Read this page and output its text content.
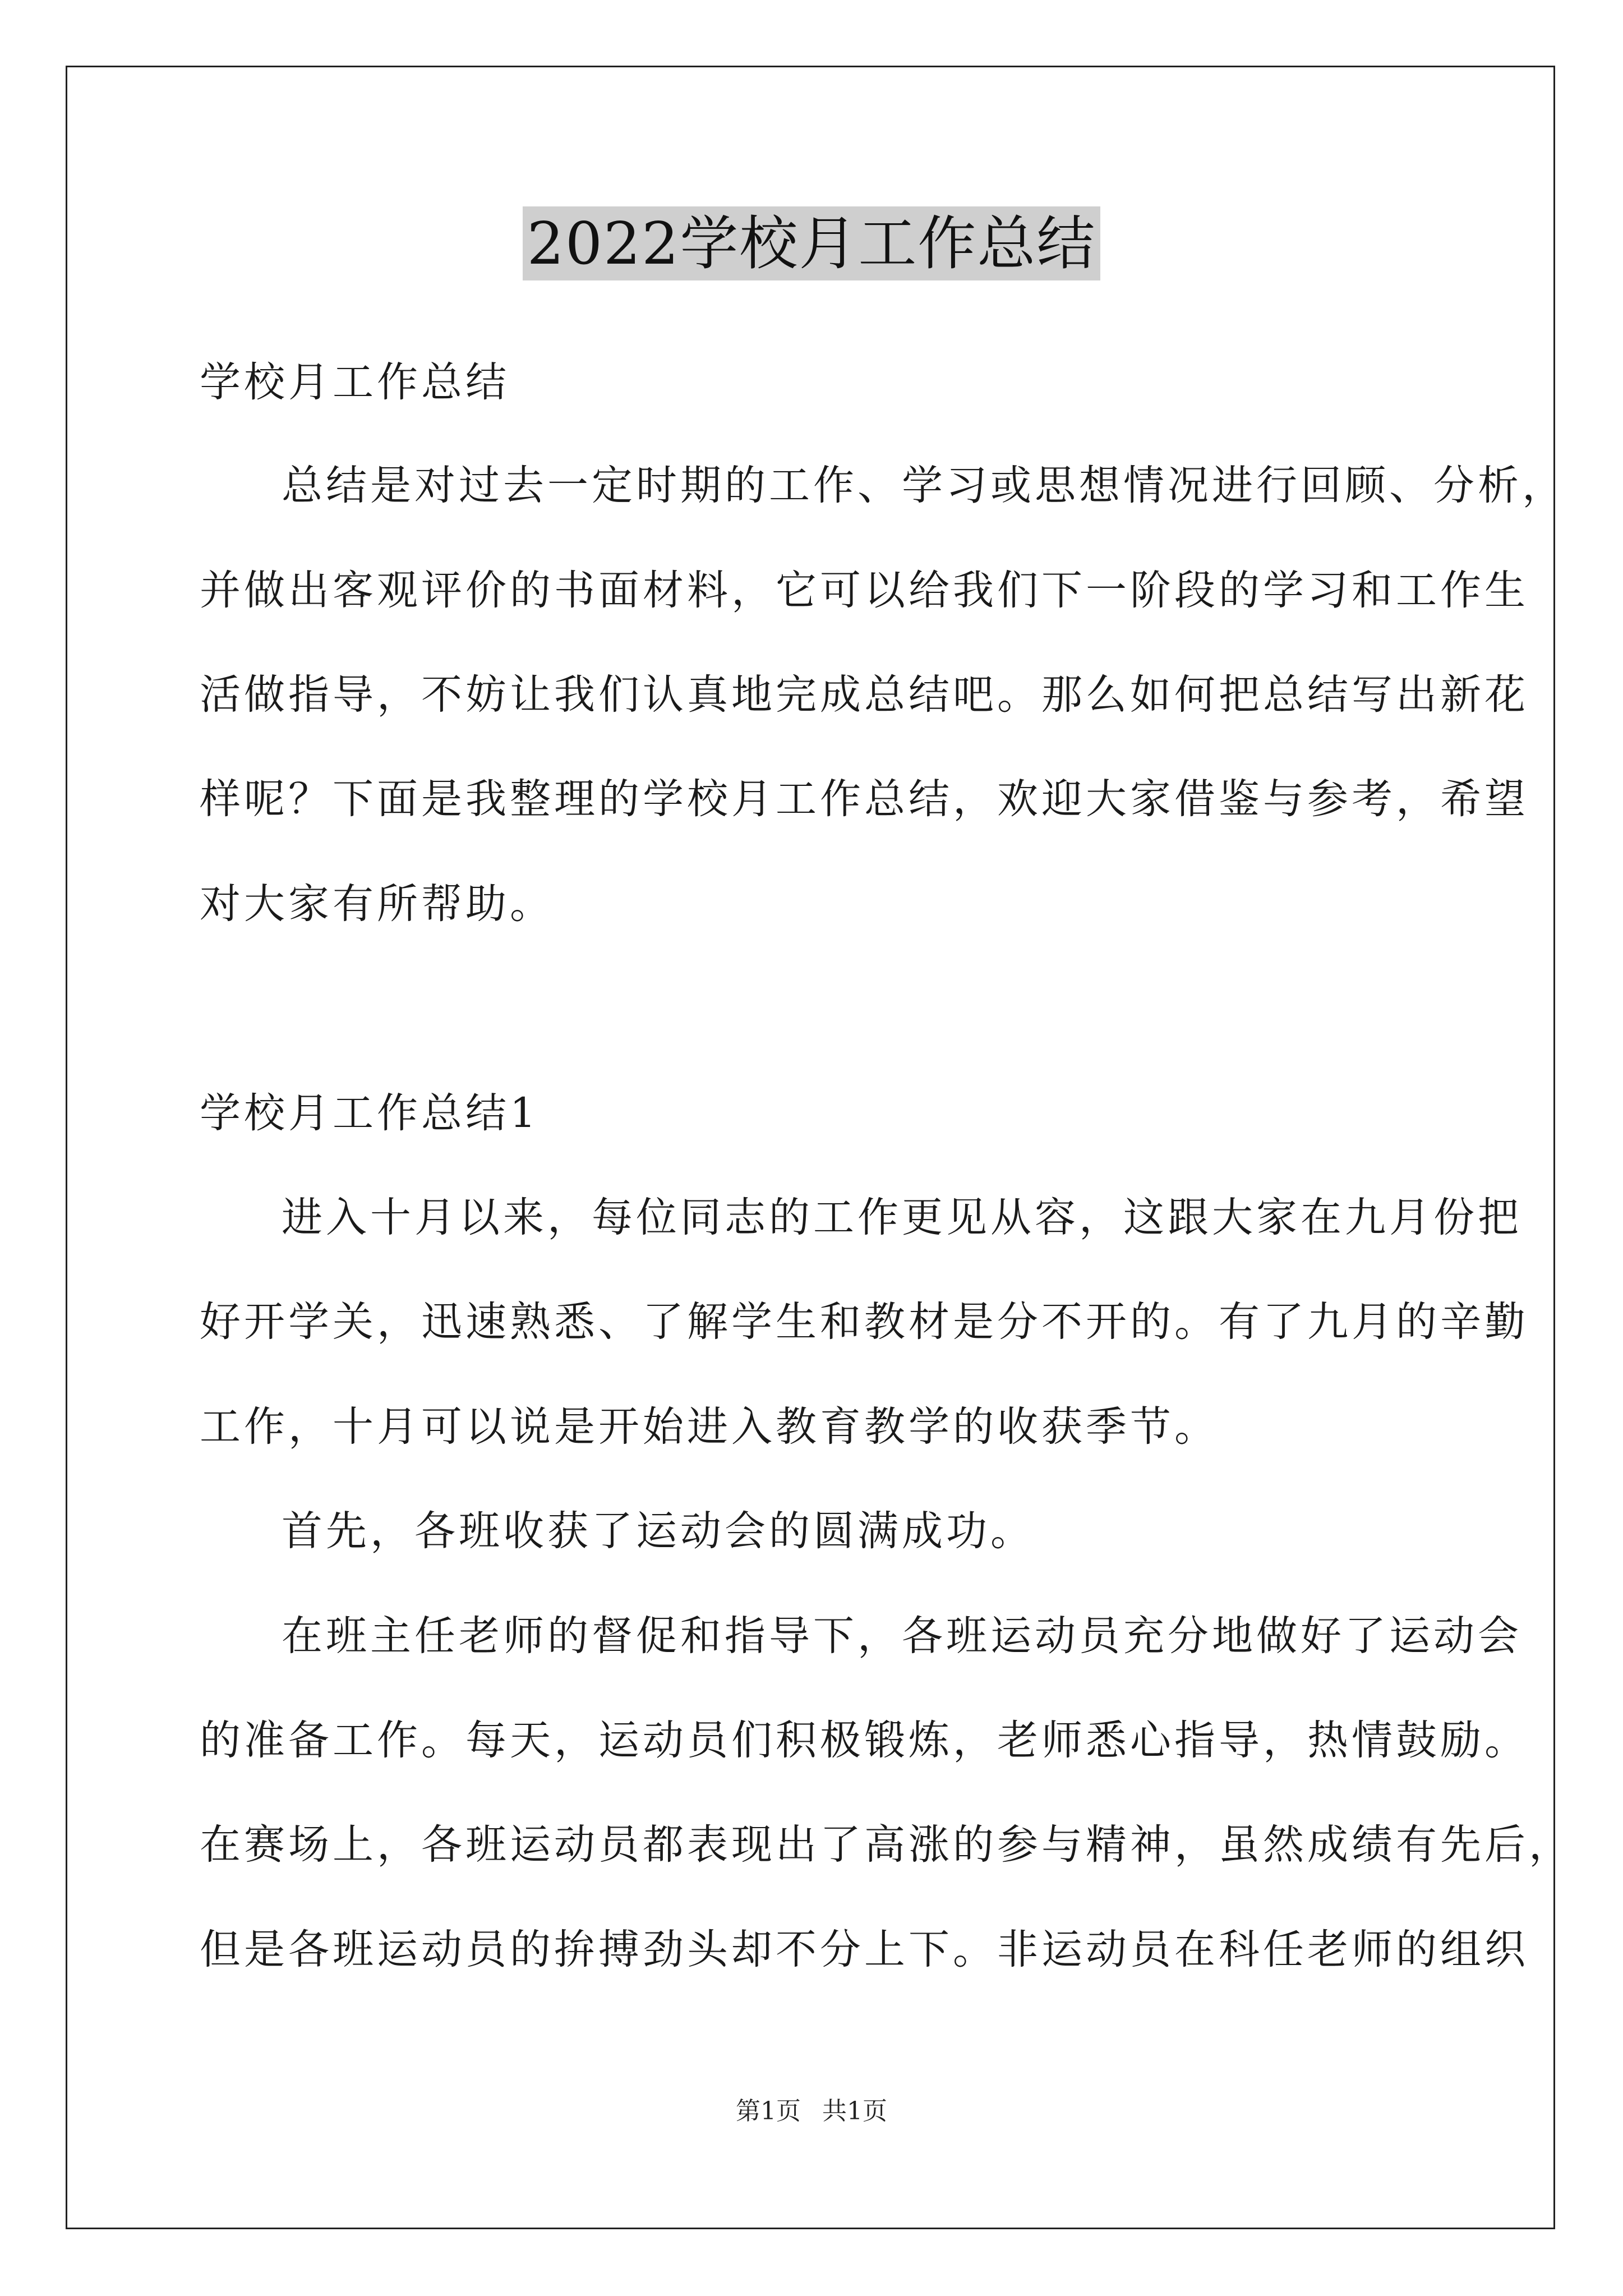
2022学校月工作总结
学校月工作总结
总结是对过去一定时期的工作、学习或思想情况进行回顾、分析，
并做出客观评价的书面材料，它可以给我们下一阶段的学习和工作生
活做指导，不妨让我们认真地完成总结吧。那么如何把总结写出新花
样呢？下面是我整理的学校月工作总结，欢迎大家借鉴与参考，希望
对大家有所帮助。
学校月工作总结1
进入十月以来，每位同志的工作更见从容，这跟大家在九月份把
好开学关，迅速熟悉、了解学生和教材是分不开的。有了九月的辛勤
工作，十月可以说是开始进入教育教学的收获季节。
首先，各班收获了运动会的圆满成功。
在班主任老师的督促和指导下，各班运动员充分地做好了运动会
的准备工作。每天，运动员们积极锻炼，老师悉心指导，热情鼓励。
在赛场上，各班运动员都表现出了高涨的参与精神，虽然成绩有先后，
但是各班运动员的拚搏劲头却不分上下。非运动员在科任老师的组织
第1页 共1页
